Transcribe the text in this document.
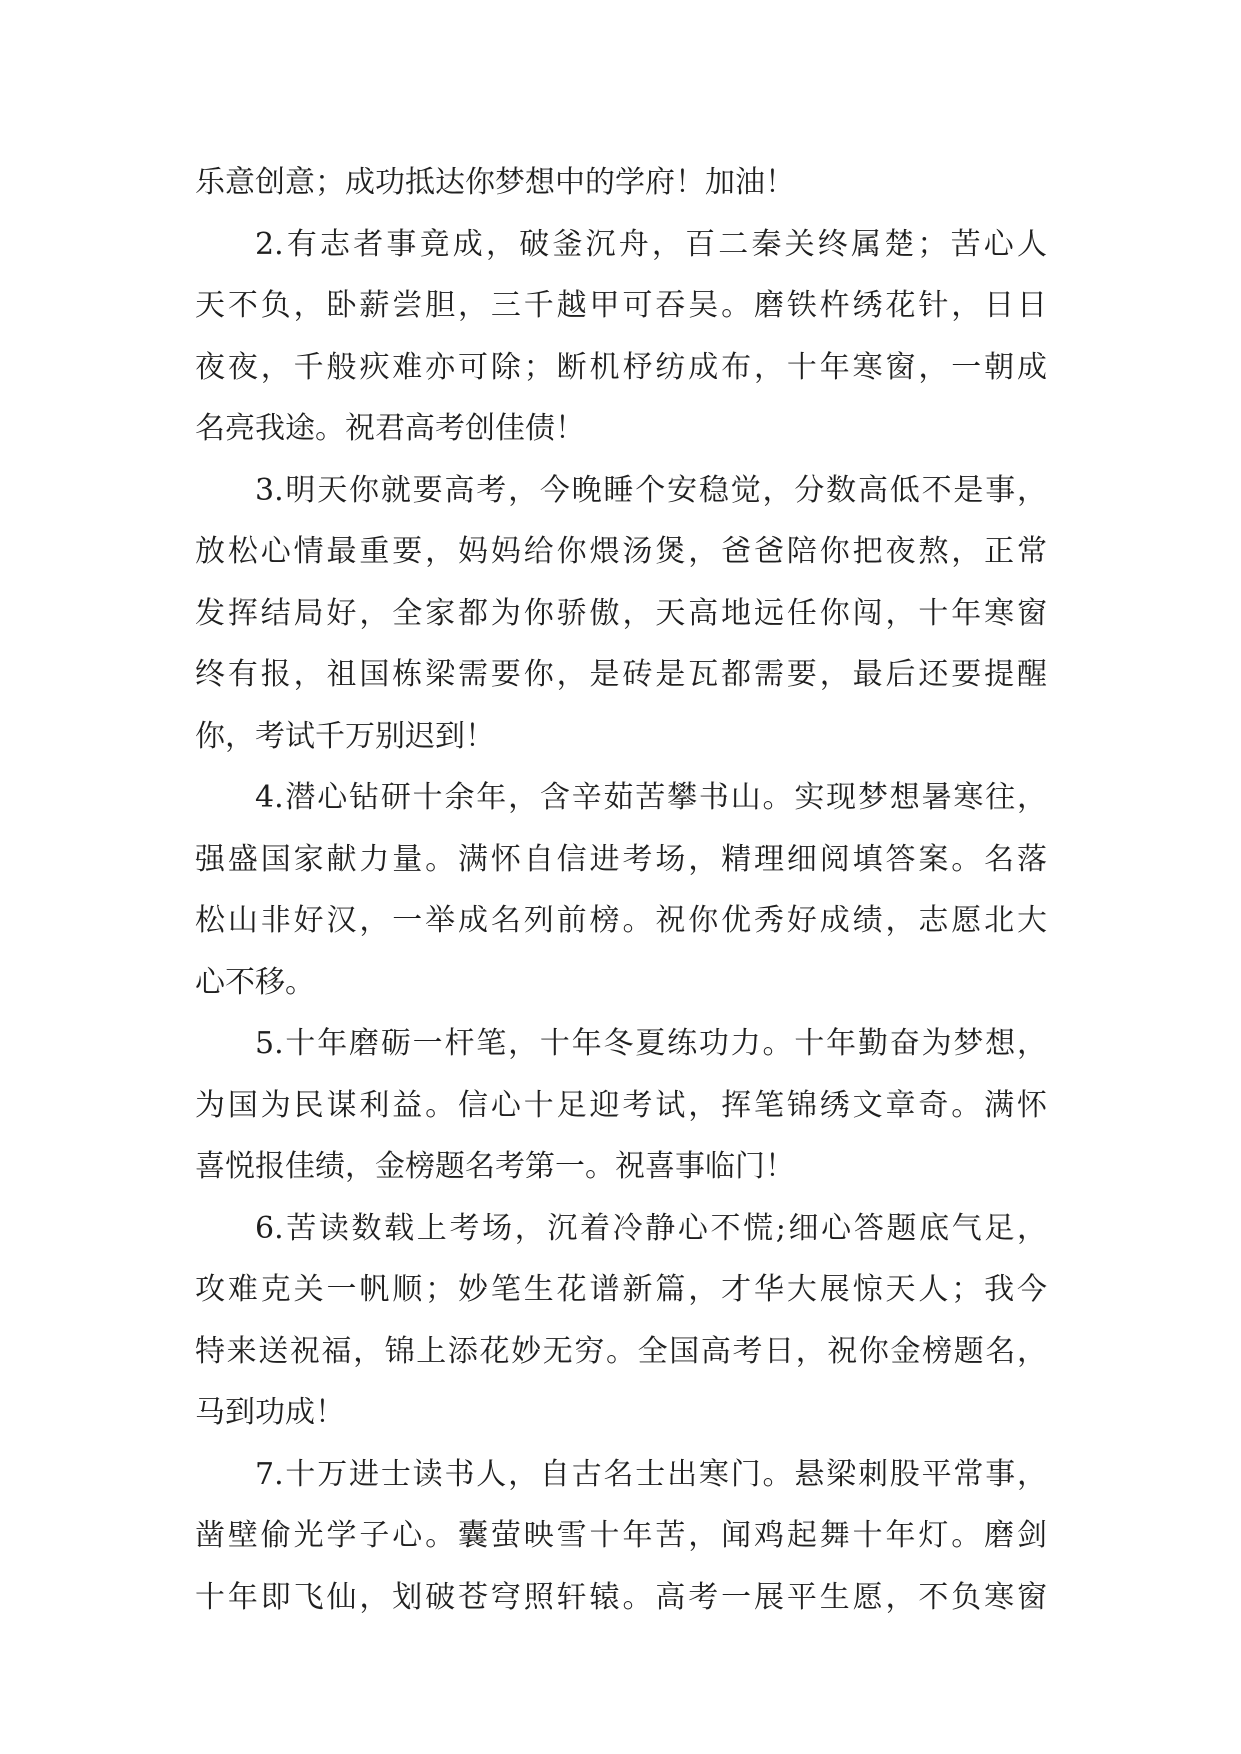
乐意创意；成功抵达你梦想中的学府！加油！
2.有志者事竟成，破釜沉舟，百二秦关终属楚；苦心人
天不负，卧薪尝胆，三千越甲可吞吴。磨铁杵绣花针，日日
夜夜，千般疢难亦可除；断机杼纺成布，十年寒窗，一朝成
名亮我途。祝君高考创佳债！
3.明天你就要高考，今晚睡个安稳觉，分数高低不是事，
放松心情最重要，妈妈给你煨汤煲，爸爸陪你把夜熬，正常
发挥结局好，全家都为你骄傲，天高地远任你闯，十年寒窗
终有报，祖国栋梁需要你，是砖是瓦都需要，最后还要提醒
你，考试千万别迟到！
4.潜心钻研十余年，含辛茹苦攀书山。实现梦想暑寒往，
强盛国家献力量。满怀自信进考场，精理细阅填答案。名落
松山非好汉，一举成名列前榜。祝你优秀好成绩，志愿北大
心不移。
5.十年磨砺一杆笔，十年冬夏练功力。十年勤奋为梦想，
为国为民谋利益。信心十足迎考试，挥笔锦绣文章奇。满怀
喜悦报佳绩，金榜题名考第一。祝喜事临门！
6.苦读数载上考场，沉着冷静心不慌;细心答题底气足，
攻难克关一帆顺；妙笔生花谱新篇，才华大展惊天人；我今
特来送祝福，锦上添花妙无穷。全国高考日，祝你金榜题名，
马到功成！
7.十万进士读书人，自古名士出寒门。悬梁刺股平常事，
凿壁偷光学子心。囊萤映雪十年苦，闻鸡起舞十年灯。磨剑
十年即飞仙，划破苍穹照轩辕。高考一展平生愿，不负寒窗
